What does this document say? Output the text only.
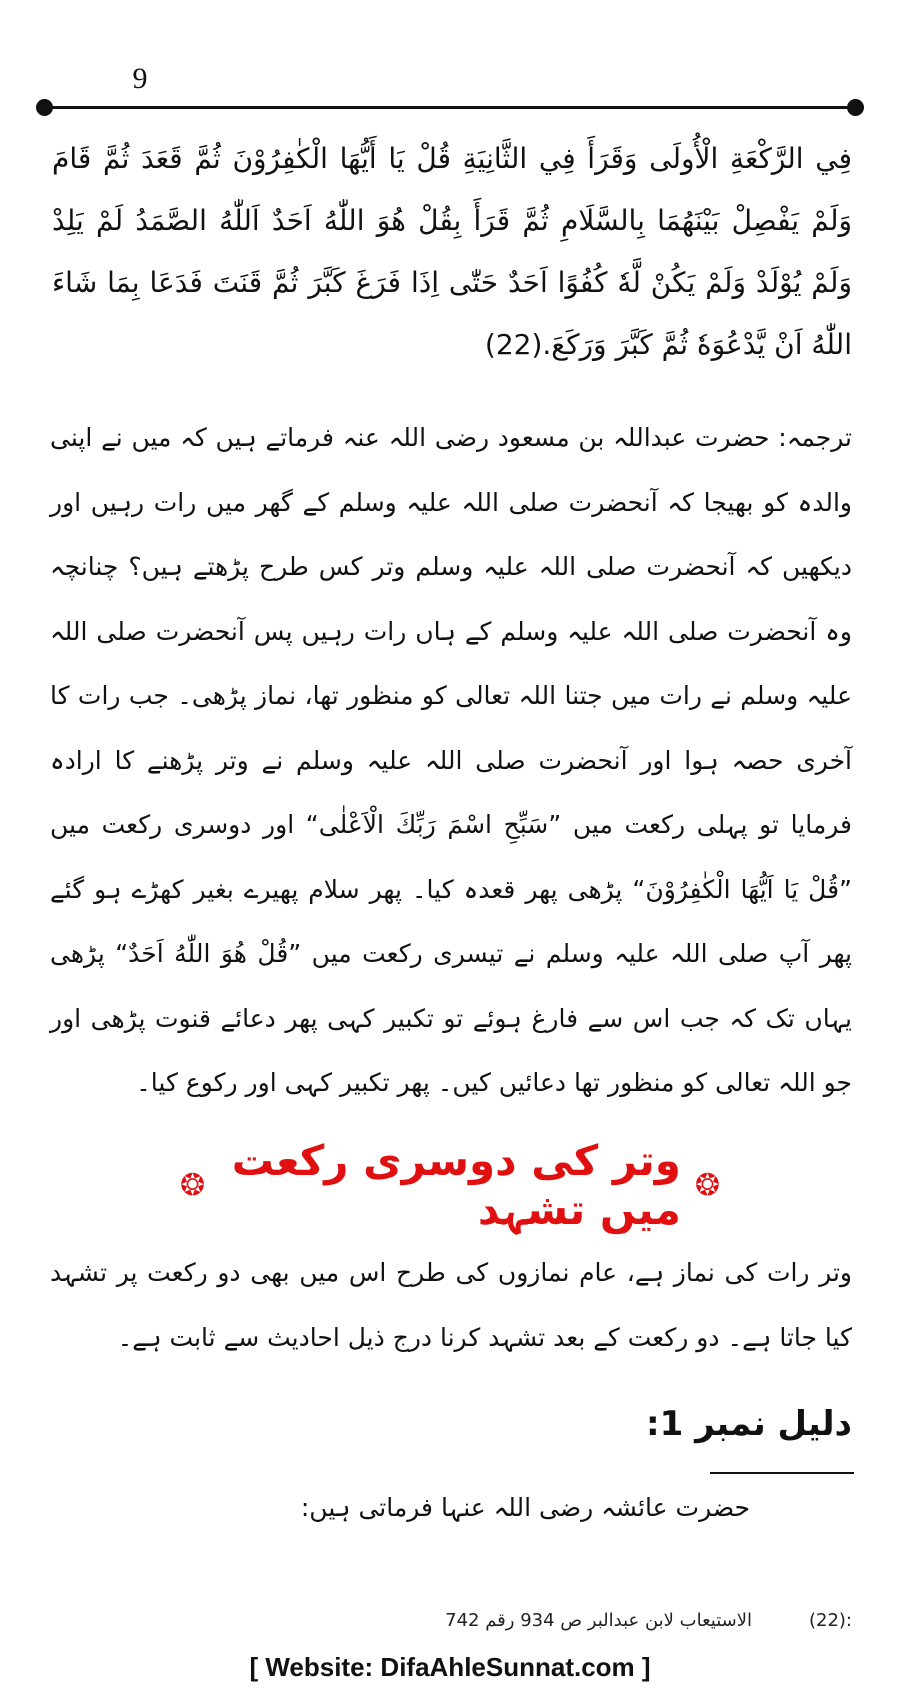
9
فِي الرَّكْعَةِ الْأُولَى وَقَرَأَ فِي الثَّانِيَةِ قُلْ يَا أَيُّهَا الْكٰفِرُوْنَ ثُمَّ قَعَدَ ثُمَّ قَامَ وَلَمْ يَفْصِلْ بَيْنَهُمَا بِالسَّلَامِ ثُمَّ قَرَأَ بِقُلْ هُوَ اللّٰهُ اَحَدٌ اَللّٰهُ الصَّمَدُ لَمْ يَلِدْ وَلَمْ يُوْلَدْ وَلَمْ يَكُنْ لَّهٗ كُفُوًا اَحَدٌ حَتّٰى اِذَا فَرَغَ كَبَّرَ ثُمَّ قَنَتَ فَدَعَا بِمَا شَاءَ اللّٰهُ اَنْ يَّدْعُوَهٗ ثُمَّ كَبَّرَ وَرَكَعَ.(22)
ترجمہ: حضرت عبداللہ بن مسعود رضی اللہ عنہ فرماتے ہیں کہ میں نے اپنی والدہ کو بھیجا کہ آنحضرت صلی اللہ علیہ وسلم کے گھر میں رات رہیں اور دیکھیں کہ آنحضرت صلی اللہ علیہ وسلم وتر کس طرح پڑھتے ہیں؟ چنانچہ وہ آنحضرت صلی اللہ علیہ وسلم کے ہاں رات رہیں پس آنحضرت صلی اللہ علیہ وسلم نے رات میں جتنا اللہ تعالی کو منظور تھا، نماز پڑھی۔ جب رات کا آخری حصہ ہوا اور آنحضرت صلی اللہ علیہ وسلم نے وتر پڑھنے کا ارادہ فرمایا تو پہلی رکعت میں ”سَبِّحِ اسْمَ رَبِّكَ الْاَعْلٰى“ اور دوسری رکعت میں ”قُلْ يَا اَيُّهَا الْكٰفِرُوْنَ“ پڑھی پھر قعدہ کیا۔ پھر سلام پھیرے بغیر کھڑے ہو گئے پھر آپ صلی اللہ علیہ وسلم نے تیسری رکعت میں ”قُلْ هُوَ اللّٰهُ اَحَدٌ“ پڑھی یہاں تک کہ جب اس سے فارغ ہوئے تو تکبیر کہی پھر دعائے قنوت پڑھی اور جو اللہ تعالی کو منظور تھا دعائیں کیں۔ پھر تکبیر کہی اور رکوع کیا۔
❂
وتر کی دوسری رکعت میں تشہد
❂
وتر رات کی نماز ہے، عام نمازوں کی طرح اس میں بھی دو رکعت پر تشہد کیا جاتا ہے۔ دو رکعت کے بعد تشہد کرنا درج ذیل احادیث سے ثابت ہے۔
دلیل نمبر 1:
حضرت عائشہ رضی اللہ عنہا فرماتی ہیں:
(22):
الاستیعاب لابن عبدالبر ص 934 رقم 742
[ Website: DifaAhleSunnat.com ]
